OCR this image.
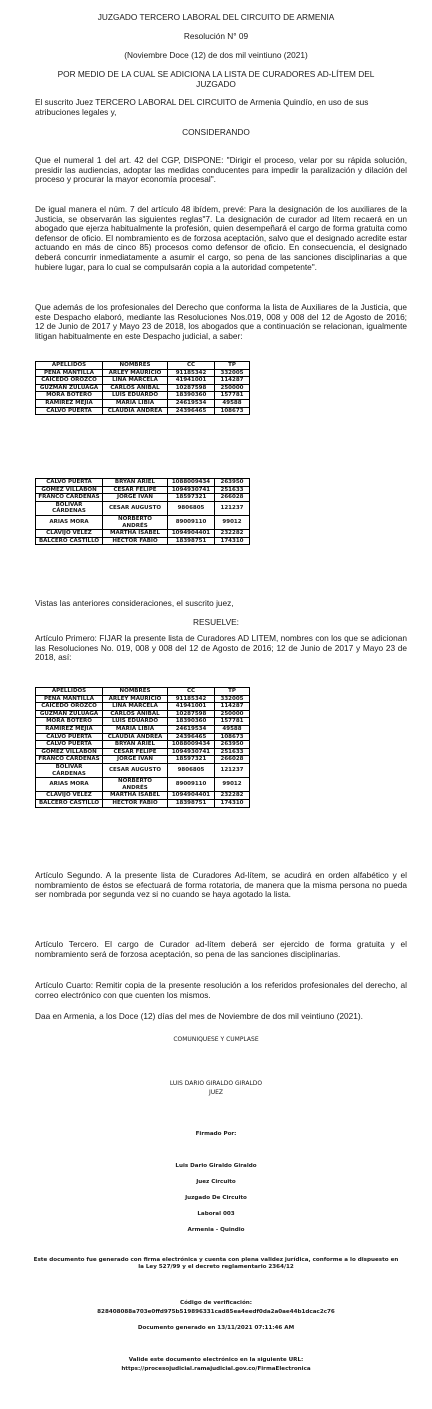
JUZGADO TERCERO LABORAL DEL CIRCUITO DE ARMENIA
Resolución N° 09
(Noviembre Doce (12) de dos mil veintiuno (2021)
POR MEDIO DE LA CUAL SE ADICIONA LA LISTA DE CURADORES AD-LÍTEM DEL JUZGADO
El suscrito Juez TERCERO LABORAL DEL CIRCUITO de Armenia Quindío, en uso de sus atribuciones legales y,
CONSIDERANDO
Que el numeral 1 del art. 42 del CGP, DISPONE: "Dirigir el proceso, velar por su rápida solución, presidir las audiencias, adoptar las medidas conducentes para impedir la paralización y dilación del proceso y procurar la mayor economía procesal".
De igual manera el núm. 7 del artículo 48 ibídem, prevé: Para la designación de los auxiliares de la Justicia, se observarán las siguientes reglas"7. La designación de curador ad lítem recaerá en un abogado que ejerza habitualmente la profesión, quien desempeñará el cargo de forma gratuita como defensor de oficio. El nombramiento es de forzosa aceptación, salvo que el designado acredite estar actuando en más de cinco 85) procesos como defensor de oficio. En consecuencia, el designado deberá concurrir inmediatamente a asumir el cargo, so pena de las sanciones disciplinarias a que hubiere lugar, para lo cual se compulsarán copia a la autoridad competente".
Que además de los profesionales del Derecho que conforma la lista de Auxiliares de la Justicia, que este Despacho elaboró, mediante las Resoluciones Nos.019, 008 y 008 del 12 de Agosto de 2016; 12 de Junio de 2017 y Mayo 23 de 2018, los abogados que a continuación se relacionan, igualmente litigan habitualmente en este Despacho judicial, a saber:
APELLIDOS	NOMBRES	CC	TP
PEÑA MANTILLA	ARLEY MAURICIO	91185342	332005
CAICEDO OROZCO	LINA MARCELA	41941001	114287
GUZMÁN ZULUAGA	CARLOS ANÍBAL	10287598	250000
MORA BOTERO	LUIS EDUARDO	18390360	157781
RAMÍREZ MEJÍA	MARÍA LIBIA	24619534	49588
CALVO PUERTA	CLAUDIA ANDREA	24396465	108673
CALVO PUERTA	BRYAN ARIEL	1088009434	263950
GÓMEZ VILLABON	CESAR FELIPE	1094930741	251633
FRANCO CÁRDENAS	JORGE IVÁN	18597321	266028
BOLÍVAR CÁRDENAS	CESAR AUGUSTO	9806805	121237
ARIAS MORA	NORBERTO ANDRÉS	89009110	99012
CLAVIJO VELEZ	MARTHA ISABEL	1094904401	232282
BALCERO CASTILLO	HÉCTOR FABIO	18398751	174310
Vistas las anteriores consideraciones, el suscrito juez,
RESUELVE:
Artículo Primero: FIJAR la presente lista de Curadores AD LITEM, nombres con los que se adicionan las Resoluciones No. 019, 008 y 008 del 12 de Agosto de 2016; 12 de Junio de 2017 y Mayo 23 de 2018, así:
APELLIDOS	NOMBRES	CC	TP
PEÑA MANTILLA	ARLEY MAURICIO	91185342	332005
CAICEDO OROZCO	LINA MARCELA	41941001	114287
GUZMÁN ZULUAGA	CARLOS ANÍBAL	10287598	250000
MORA BOTERO	LUIS EDUARDO	18390360	157781
RAMÍREZ MEJÍA	MARÍA LIBIA	24619534	49588
CALVO PUERTA	CLAUDIA ANDREA	24396465	108673
CALVO PUERTA	BRYAN ARIEL	1088009434	263950
GÓMEZ VILLABON	CESAR FELIPE	1094930741	251633
FRANCO CÁRDENAS	JORGE IVÁN	18597321	266028
BOLÍVAR CÁRDENAS	CESAR AUGUSTO	9806805	121237
ARIAS MORA	NORBERTO ANDRÉS	89009110	99012
CLAVIJO VELEZ	MARTHA ISABEL	1094904401	232282
BALCERO CASTILLO	HÉCTOR FABIO	18398751	174310
Artículo Segundo. A la presente lista de Curadores Ad-lítem, se acudirá en orden alfabético y el nombramiento de éstos se efectuará de forma rotatoria, de manera que la misma persona no pueda ser nombrada por segunda vez si no cuando se haya agotado la lista.
Artículo Tercero. El cargo de Curador ad-lítem deberá ser ejercido de forma gratuita y el nombramiento será de forzosa aceptación, so pena de las sanciones disciplinarias.
Artículo Cuarto: Remitir copia de la presente resolución a los referidos profesionales del derecho, al correo electrónico con que cuenten los mismos.
Daa en Armenia, a los Doce (12) días del mes de Noviembre de dos mil veintiuno (2021).
COMUNIQUESE Y CUMPLASE
LUIS DARIO GIRALDO GIRALDO
JUEZ
Firmado Por:
Luis Dario Giraldo Giraldo
Juez Circuito
Juzgado De Circuito
Laboral 003
Armenia - Quindio
Este documento fue generado con firma electrónica y cuenta con plena validez jurídica, conforme a lo dispuesto en la Ley 527/99 y el decreto reglamentario 2364/12
Código de verificación:
828408088a703e0ffd975b519896331cad85ea4eedf0da2a0ae44b1dcac2c76
Documento generado en 13/11/2021 07:11:46 AM
Valide este documento electrónico en la siguiente URL:
https://procesojudicial.ramajudicial.gov.co/FirmaElectronica
